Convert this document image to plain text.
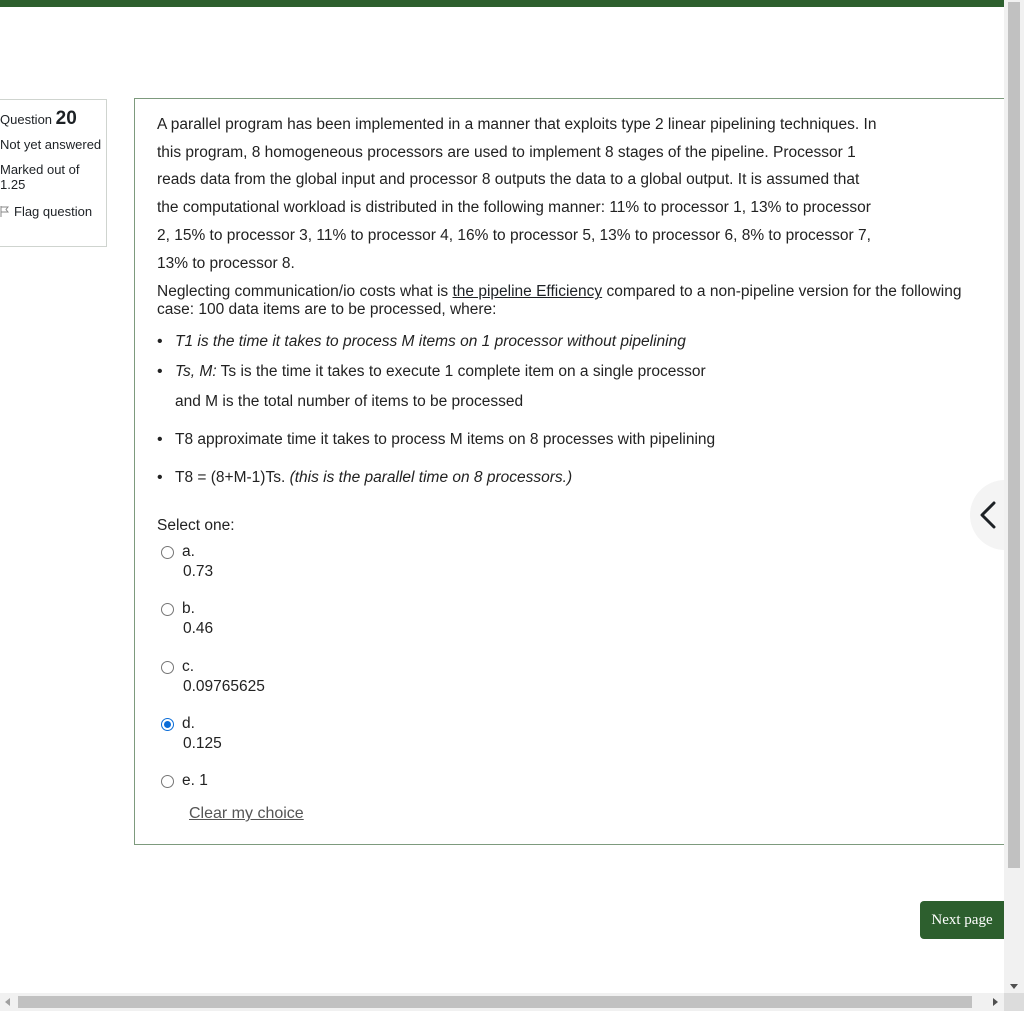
Question 20
Not yet answered
Marked out of 1.25
Flag question

A parallel program has been implemented in a manner that exploits type 2 linear pipelining techniques. In this program, 8 homogeneous processors are used to implement 8 stages of the pipeline. Processor 1 reads data from the global input and processor 8 outputs the data to a global output. It is assumed that the computational workload is distributed in the following manner: 11% to processor 1, 13% to processor 2, 15% to processor 3, 11% to processor 4, 16% to processor 5, 13% to processor 6, 8% to processor 7, 13% to processor 8.

Neglecting communication/io costs what is the pipeline Efficiency compared to a non-pipeline version for the following case: 100 data items are to be processed, where:

• T1 is the time it takes to process M items on 1 processor without pipelining
• Ts, M: Ts is the time it takes to execute 1 complete item on a single processor
and M is the total number of items to be processed
• T8 approximate time it takes to process M items on 8 processes with pipelining
• T8 = (8+M-1)Ts. (this is the parallel time on 8 processors.)
Select one:
a.
0.73
b.
0.46
c.
0.09765625
d.
0.125
e. 1
Clear my choice
Next page
